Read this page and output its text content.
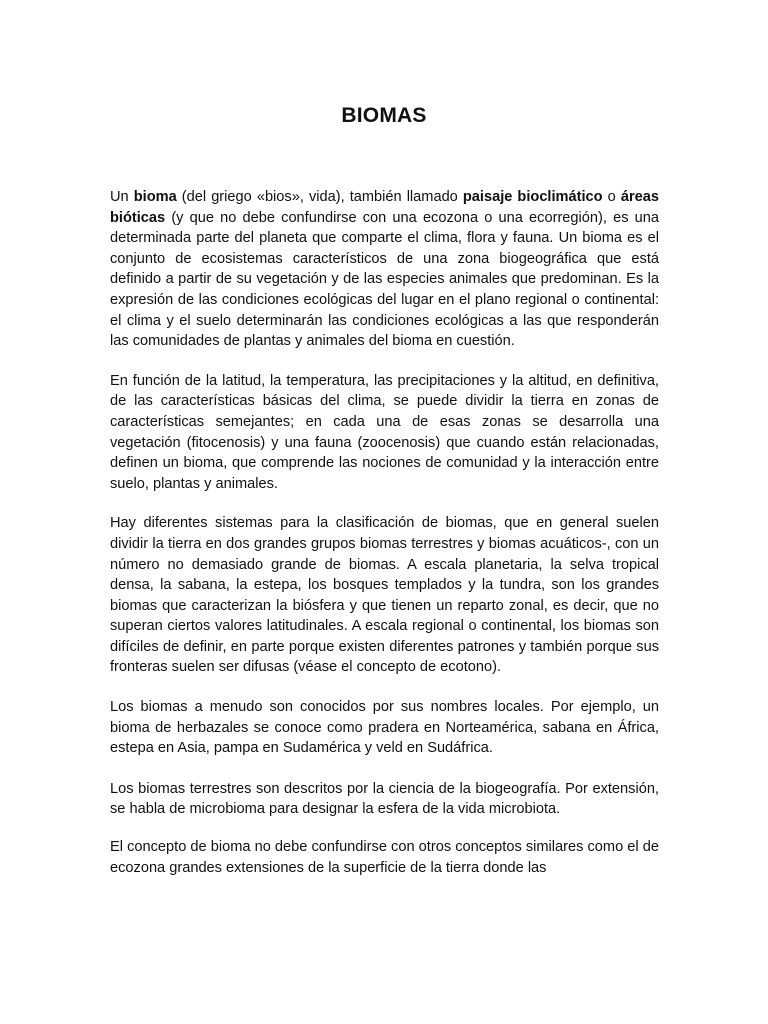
BIOMAS

Un bioma (del griego «bios», vida), también llamado paisaje bioclimático o áreas bióticas (y que no debe confundirse con una ecozona o una ecorregión), es una determinada parte del planeta que comparte el clima, flora y fauna. Un bioma es el conjunto de ecosistemas característicos de una zona biogeográfica que está definido a partir de su vegetación y de las especies animales que predominan. Es la expresión de las condiciones ecológicas del lugar en el plano regional o continental: el clima y el suelo determinarán las condiciones ecológicas a las que responderán las comunidades de plantas y animales del bioma en cuestión.

En función de la latitud, la temperatura, las precipitaciones y la altitud, en definitiva, de las características básicas del clima, se puede dividir la tierra en zonas de características semejantes; en cada una de esas zonas se desarrolla una vegetación (fitocenosis) y una fauna (zoocenosis) que cuando están relacionadas, definen un bioma, que comprende las nociones de comunidad y la interacción entre suelo, plantas y animales.

Hay diferentes sistemas para la clasificación de biomas, que en general suelen dividir la tierra en dos grandes grupos biomas terrestres y biomas acuáticos-, con un número no demasiado grande de biomas. A escala planetaria, la selva tropical densa, la sabana, la estepa, los bosques templados y la tundra, son los grandes biomas que caracterizan la biósfera y que tienen un reparto zonal, es decir, que no superan ciertos valores latitudinales. A escala regional o continental, los biomas son difíciles de definir, en parte porque existen diferentes patrones y también porque sus fronteras suelen ser difusas (véase el concepto de ecotono).

Los biomas a menudo son conocidos por sus nombres locales. Por ejemplo, un bioma de herbazales se conoce como pradera en Norteamérica, sabana en África, estepa en Asia, pampa en Sudamérica y veld en Sudáfrica.

Los biomas terrestres son descritos por la ciencia de la biogeografía. Por extensión, se habla de microbioma para designar la esfera de la vida microbiota.

El concepto de bioma no debe confundirse con otros conceptos similares como el de ecozona grandes extensiones de la superficie de la tierra donde las
